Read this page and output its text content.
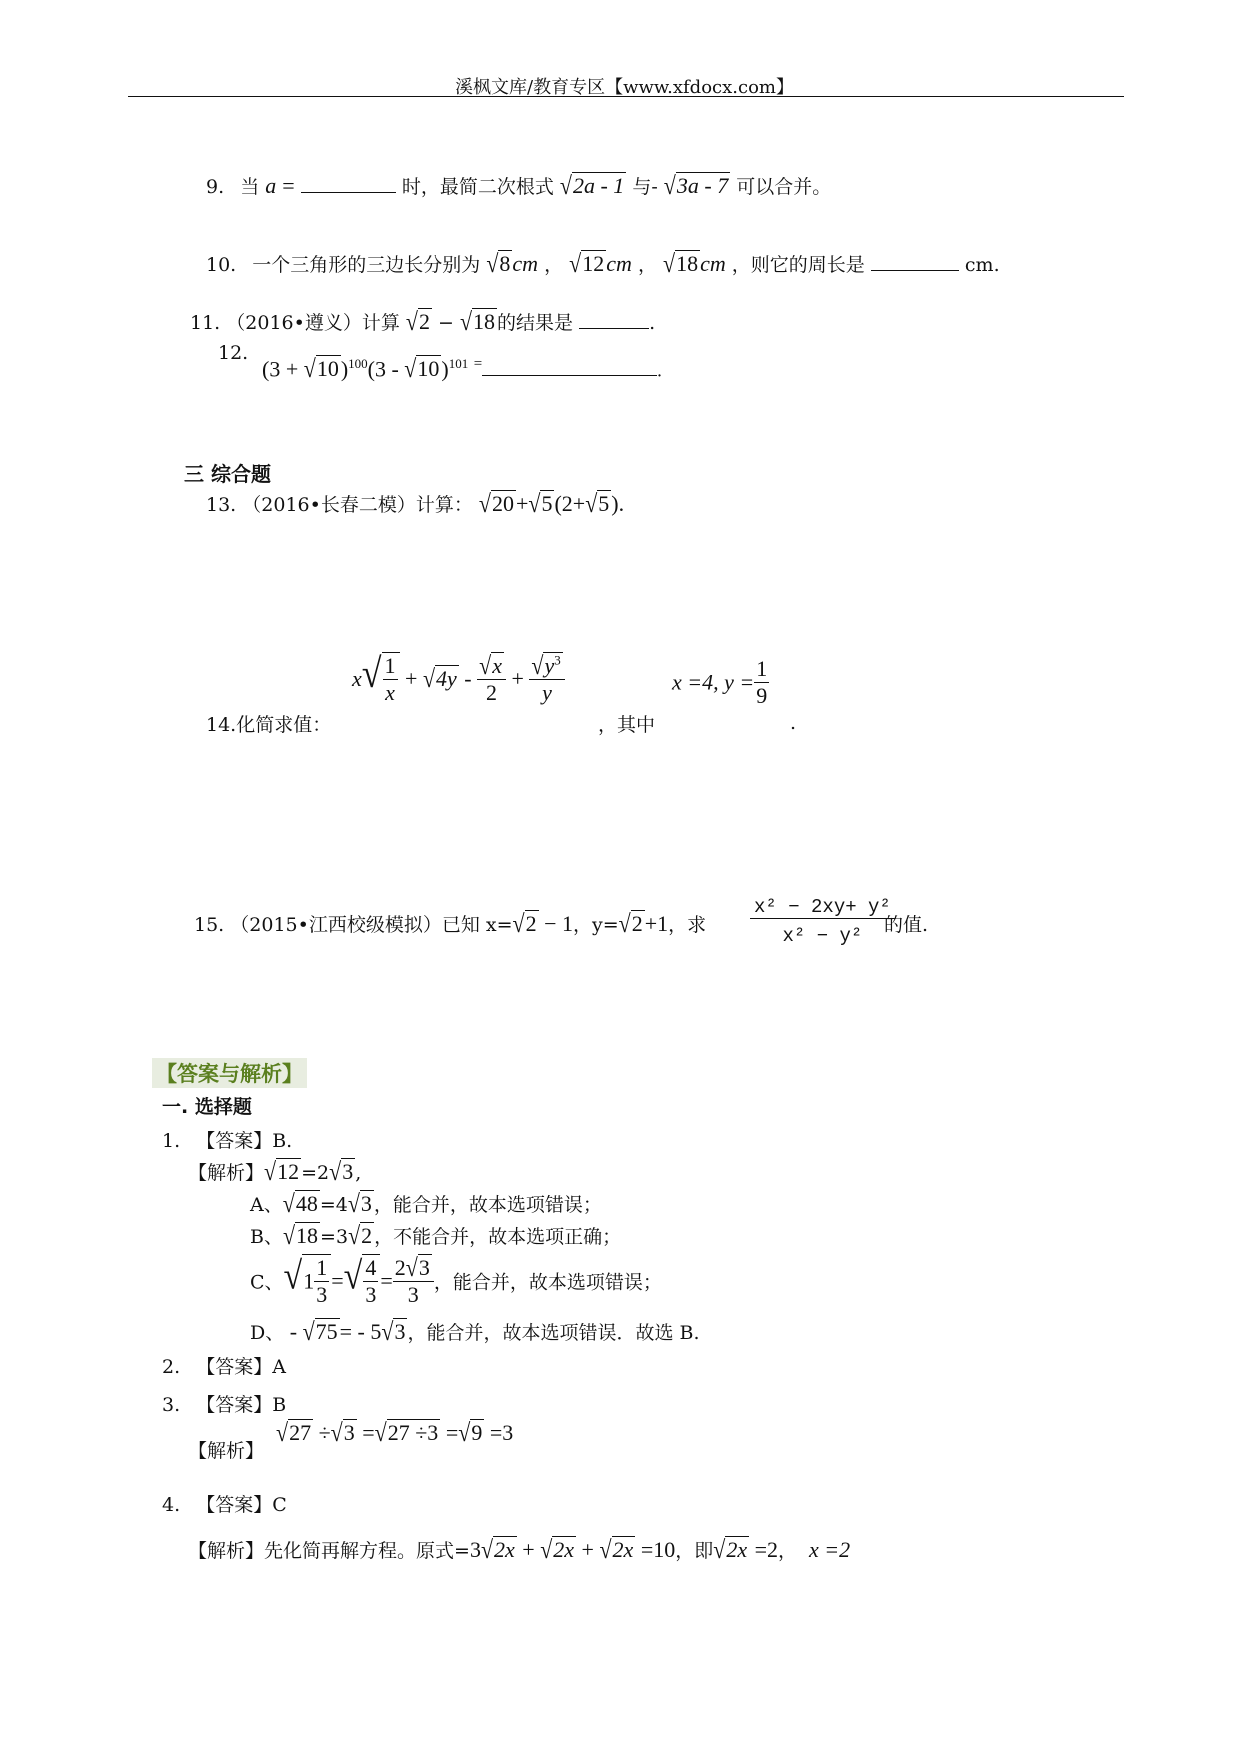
溪枫文库/教育专区【www.xfdocx.com】
9. 当 a =	时，最简二次根式 √2a - 1 与- √3a - 7 可以合并。
10. 一个三角形的三边长分别为 √8cm ， √12cm ， √18cm ，则它的周长是	cm.
11. （2016•遵义）计算 √2 − √18 的结果是	.
12.
$(3 + √10)^{100}(3 - √10)^{101}$ =	.
三 综合题
13. （2016•长春二模）计算： √20+√5(2+√5).
14.化简求值：
$x√ \frac{1}{x} + √4y - \frac{√x}{2} + \frac{√y^3}{y}$
，其中
x =4, $y = \frac{1}{9}$
.
15. （2015•江西校级模拟）已知 x=√2 − 1，y=√2+1，求 $\frac{\text{x² − 2xy+ y²}}{\text{x² − y²}}$
的值.
【答案与解析】
一. 选择题
1. 【答案】B.
【解析】√12 =2√3 ,
A、√48 =4√3 ，能合并，故本选项错误；
B、√18 =3√2 ，不能合并，故本选项正确；
C、$√1 \frac{1}{3}$ =√ $\frac{4}{3} = \frac{2√3}{3}$ ，能合并，故本选项错误；
D、 - √75= - 5√3 ，能合并，故本选项错误．故选 B.
2. 【答案】A
3. 【答案】B
【解析】
√27 ÷√3 =√27 ÷3 =√9 =3
4. 【答案】C
【解析】先化简再解方程。原式=3√2x + √2x + √2x =10，即√2x =2， x =2
